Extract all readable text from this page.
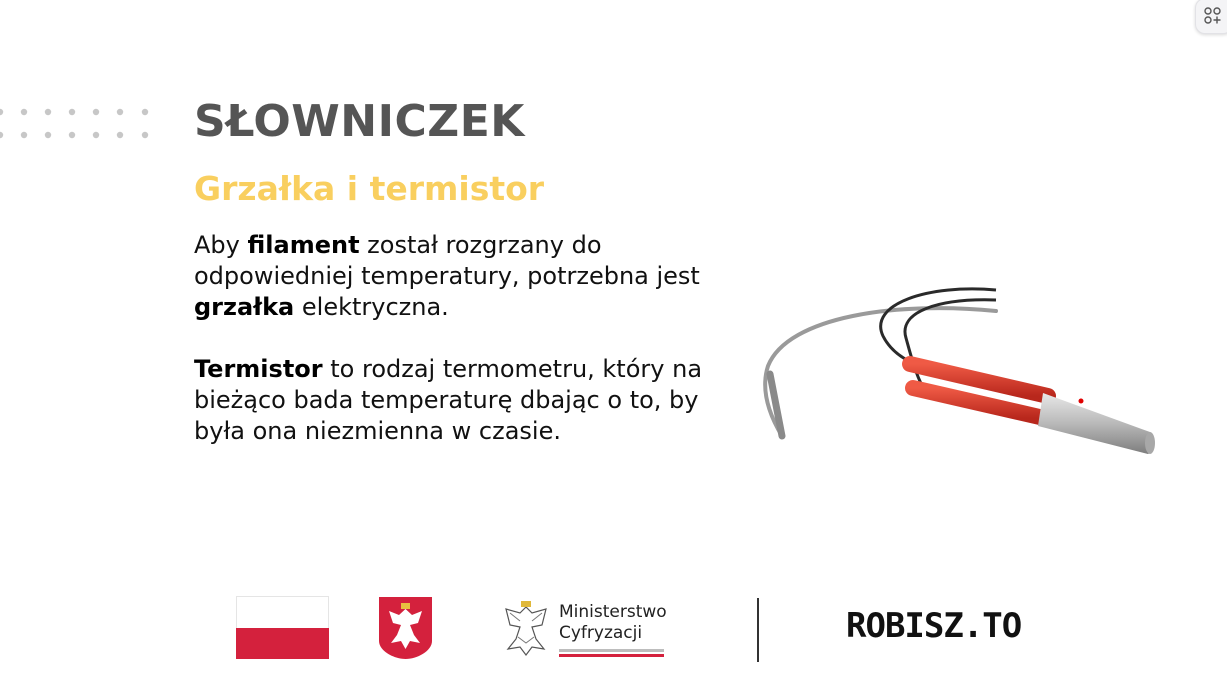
SŁOWNICZEK
Grzałka i termistor

Aby filament został rozgrzany do odpowiedniej temperatury, potrzebna jest grzałka elektryczna.

Termistor to rodzaj termometru, który na bieżąco bada temperaturę dbając o to, by była ona niezmienna w czasie.

Ministerstwo
Cyfryzacji	ROBISZ.TO
